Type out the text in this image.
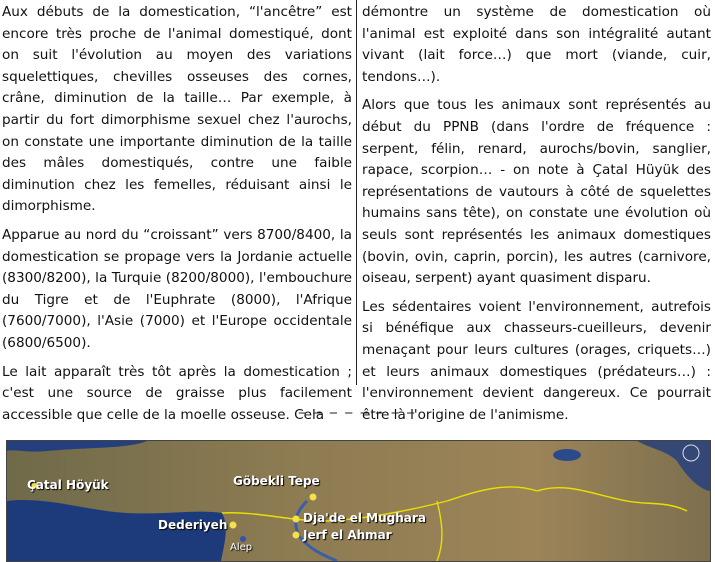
Aux débuts de la domestication, “l'ancêtre” est encore très proche de l'animal domestiqué, dont on suit l'évolution au moyen des variations squelettiques, chevilles osseuses des cornes, crâne, diminution de la taille… Par exemple, à partir du fort dimorphisme sexuel chez l'aurochs, on constate une importante diminution de la taille des mâles domestiqués, contre une faible diminution chez les femelles, réduisant ainsi le dimorphisme.

Apparue au nord du “croissant” vers 8700/8400, la domestication se propage vers la Jordanie actuelle (8300/8200), la Turquie (8200/8000), l'embouchure du Tigre et de l'Euphrate (8000), l'Afrique (7600/7000), l'Asie (7000) et l'Europe occidentale (6800/6500).

Le lait apparaît très tôt après la domestication ; c'est une source de graisse plus facilement accessible que celle de la moelle osseuse. Cela

démontre un système de domestication où l'animal est exploité dans son intégralité autant vivant (lait force…) que mort (viande, cuir, tendons…).

Alors que tous les animaux sont représentés au début du PPNB (dans l'ordre de fréquence : serpent, félin, renard, aurochs/bovin, sanglier, rapace, scorpion… - on note à Çatal Hüyük des représentations de vautours à côté de squelettes humains sans tête), on constate une évolution où seuls sont représentés les animaux domestiques (bovin, ovin, caprin, porcin), les autres (carnivore, oiseau, serpent) ayant quasiment disparu.

Les sédentaires voient l'environnement, autrefois si bénéfique aux chasseurs-cueilleurs, devenir menaçant pour leurs cultures (orages, criquets…) et leurs animaux domestiques (prédateurs…) : l'environnement devient dangereux. Ce pourrait être là l'origine de l'animisme.

_ _ _ _ _ _ _ _
Çatal Höyük	Göbekli Tepe
Dederiyeh	Dja'de el Mughara
Jerf el Ahmar
Alep
